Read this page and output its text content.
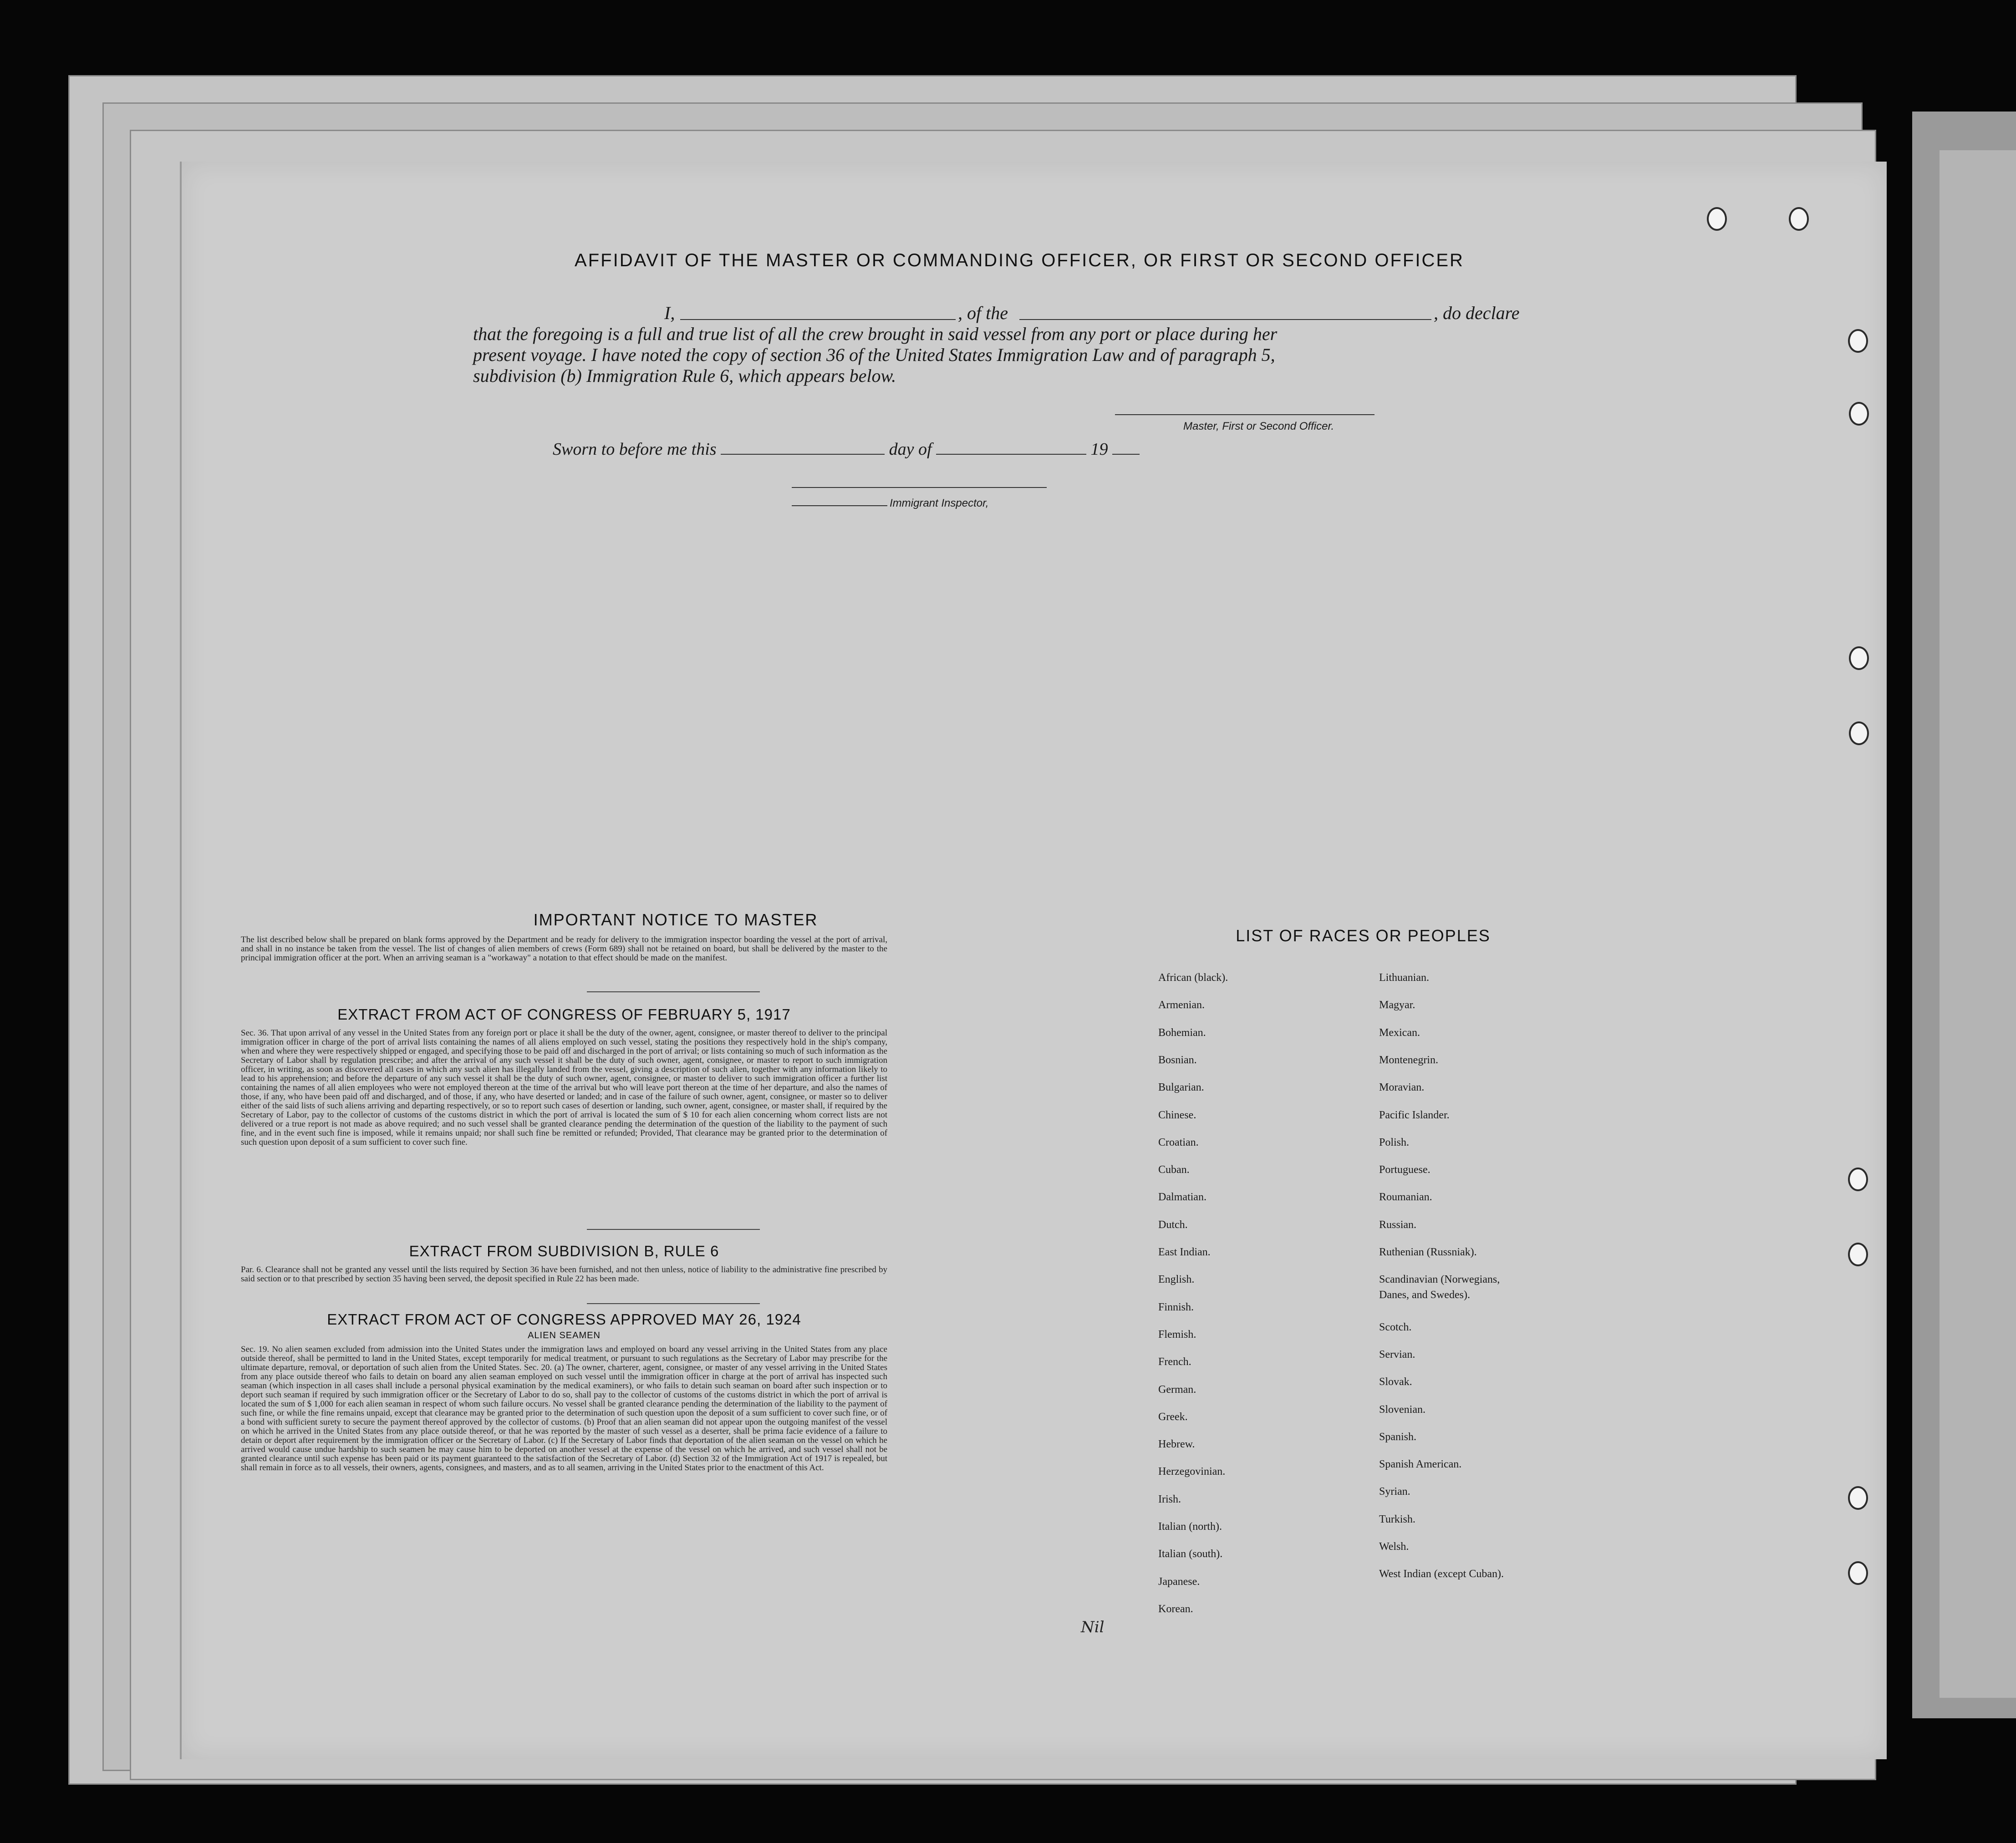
AFFIDAVIT OF THE MASTER OR COMMANDING OFFICER, OR FIRST OR SECOND OFFICER
I,	, of the	, do declare
that the foregoing is a full and true list of all the crew brought in said vessel from any port or place during her
present voyage. I have noted the copy of section 36 of the United States Immigration Law and of paragraph 5,
subdivision (b) Immigration Rule 6, which appears below.
Master, First or Second Officer.
Sworn to before me this	day of	19
Immigrant Inspector,
IMPORTANT NOTICE TO MASTER
The list described below shall be prepared on blank forms approved by the Department and be ready for delivery to the immigration inspector boarding the vessel at the port of arrival, and shall in no instance be taken from the vessel. The list of changes of alien members of crews (Form 689) shall not be retained on board, but shall be delivered by the master to the principal immigration officer at the port. When an arriving seaman is a "workaway" a notation to that effect should be made on the manifest.
EXTRACT FROM ACT OF CONGRESS OF FEBRUARY 5, 1917
Sec. 36. That upon arrival of any vessel in the United States from any foreign port or place it shall be the duty of the owner, agent, consignee, or master thereof to deliver to the principal immigration officer in charge of the port of arrival lists containing the names of all aliens employed on such vessel, stating the positions they respectively hold in the ship's company, when and where they were respectively shipped or engaged, and specifying those to be paid off and discharged in the port of arrival; or lists containing so much of such information as the Secretary of Labor shall by regulation prescribe; and after the arrival of any such vessel it shall be the duty of such owner, agent, consignee, or master to report to such immigration officer, in writing, as soon as discovered all cases in which any such alien has illegally landed from the vessel, giving a description of such alien, together with any information likely to lead to his apprehension; and before the departure of any such vessel it shall be the duty of such owner, agent, consignee, or master to deliver to such immigration officer a further list containing the names of all alien employees who were not employed thereon at the time of the arrival but who will leave port thereon at the time of her departure, and also the names of those, if any, who have been paid off and discharged, and of those, if any, who have deserted or landed; and in case of the failure of such owner, agent, consignee, or master so to deliver either of the said lists of such aliens arriving and departing respectively, or so to report such cases of desertion or landing, such owner, agent, consignee, or master shall, if required by the Secretary of Labor, pay to the collector of customs of the customs district in which the port of arrival is located the sum of $ 10 for each alien concerning whom correct lists are not delivered or a true report is not made as above required; and no such vessel shall be granted clearance pending the determination of the question of the liability to the payment of such fine, and in the event such fine is imposed, while it remains unpaid; nor shall such fine be remitted or refunded; Provided, That clearance may be granted prior to the determination of such question upon deposit of a sum sufficient to cover such fine.
EXTRACT FROM SUBDIVISION B, RULE 6
Par. 6. Clearance shall not be granted any vessel until the lists required by Section 36 have been furnished, and not then unless, notice of liability to the administrative fine prescribed by said section or to that prescribed by section 35 having been served, the deposit specified in Rule 22 has been made.
EXTRACT FROM ACT OF CONGRESS APPROVED MAY 26, 1924
ALIEN SEAMEN
Sec. 19. No alien seamen excluded from admission into the United States under the immigration laws and employed on board any vessel arriving in the United States from any place outside thereof, shall be permitted to land in the United States, except temporarily for medical treatment, or pursuant to such regulations as the Secretary of Labor may prescribe for the ultimate departure, removal, or deportation of such alien from the United States. Sec. 20. (a) The owner, charterer, agent, consignee, or master of any vessel arriving in the United States from any place outside thereof who fails to detain on board any alien seaman employed on such vessel until the immigration officer in charge at the port of arrival has inspected such seaman (which inspection in all cases shall include a personal physical examination by the medical examiners), or who fails to detain such seaman on board after such inspection or to deport such seaman if required by such immigration officer or the Secretary of Labor to do so, shall pay to the collector of customs of the customs district in which the port of arrival is located the sum of $ 1,000 for each alien seaman in respect of whom such failure occurs. No vessel shall be granted clearance pending the determination of the liability to the payment of such fine, or while the fine remains unpaid, except that clearance may be granted prior to the determination of such question upon the deposit of a sum sufficient to cover such fine, or of a bond with sufficient surety to secure the payment thereof approved by the collector of customs. (b) Proof that an alien seaman did not appear upon the outgoing manifest of the vessel on which he arrived in the United States from any place outside thereof, or that he was reported by the master of such vessel as a deserter, shall be prima facie evidence of a failure to detain or deport after requirement by the immigration officer or the Secretary of Labor. (c) If the Secretary of Labor finds that deportation of the alien seaman on the vessel on which he arrived would cause undue hardship to such seamen he may cause him to be deported on another vessel at the expense of the vessel on which he arrived, and such vessel shall not be granted clearance until such expense has been paid or its payment guaranteed to the satisfaction of the Secretary of Labor. (d) Section 32 of the Immigration Act of 1917 is repealed, but shall remain in force as to all vessels, their owners, agents, consignees, and masters, and as to all seamen, arriving in the United States prior to the enactment of this Act.
LIST OF RACES OR PEOPLES
Nil
African (black).
Armenian.
Bohemian.
Bosnian.
Bulgarian.
Chinese.
Croatian.
Cuban.
Dalmatian.
Dutch.
East Indian.
English.
Finnish.
Flemish.
French.
German.
Greek.
Hebrew.
Herzegovinian.
Irish.
Italian (north).
Italian (south).
Japanese.
Korean.
Lithuanian.
Magyar.
Mexican.
Montenegrin.
Moravian.
Pacific Islander.
Polish.
Portuguese.
Roumanian.
Russian.
Ruthenian (Russniak).
Scandinavian (Norwegians,
Danes, and Swedes).
Scotch.
Servian.
Slovak.
Slovenian.
Spanish.
Spanish American.
Syrian.
Turkish.
Welsh.
West Indian (except Cuban).
